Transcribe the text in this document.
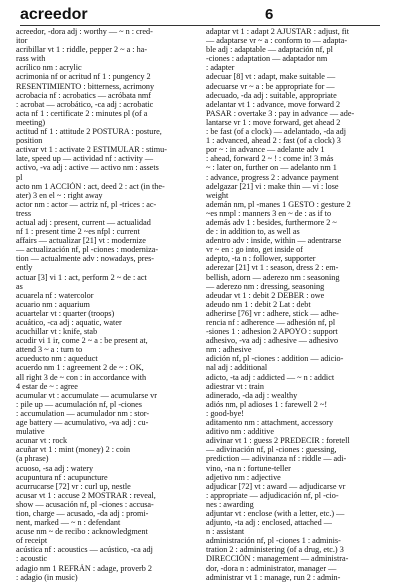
acreedor	6
acreedor, -dora adj : worthy — ~ n : cred-
itor
acribillar vt 1 : riddle, pepper 2 ~ a : ha-
rass with
acrílico nm : acrylic
acrimonia nf or acritud nf 1 : pungency 2
RESENTIMIENTO : bitterness, acrimony
acrobacia nf : acrobatics — acróbata nmf
: acrobat — acrobático, -ca adj : acrobatic
acta nf 1 : certificate 2 : minutes pl (of a
meeting)
actitud nf 1 : attitude 2 POSTURA : posture,
position
activar vt 1 : activate 2 ESTIMULAR : stimu-
late, speed up — actividad nf : activity —
activo, -va adj : active — activo nm : assets
pl
acto nm 1 ACCIÓN : act, deed 2 : act (in the-
ater) 3 en el ~ : right away
actor nm : actor — actriz nf, pl -trices : ac-
tress
actual adj : present, current — actualidad
nf 1 : present time 2 ~es nfpl : current
affairs — actualizar [21] vt : modernize
— actualización nf, pl -ciones : moderniza-
tion — actualmente adv : nowadays, pres-
ently
actuar [3] vi 1 : act, perform 2 ~ de : act
as
acuarela nf : watercolor
acuario nm : aquarium
acuartelar vt : quarter (troops)
acuático, -ca adj : aquatic, water
acuchillar vt : knife, stab
acudir vi 1 ir, come 2 ~ a : be present at,
attend 3 ~ a : turn to
acueducto nm : aqueduct
acuerdo nm 1 : agreement 2 de ~ : OK,
all right 3 de ~ con : in accordance with
4 estar de ~ : agree
acumular vt : accumulate — acumularse vr
: pile up — acumulación nf, pl -ciones
: accumulation — acumulador nm : stor-
age battery — acumulativo, -va adj : cu-
mulative
acunar vt : rock
acuñar vt 1 : mint (money) 2 : coin
(a phrase)
acuoso, -sa adj : watery
acupuntura nf : acupuncture
acurrucarse [72] vr : curl up, nestle
acusar vt 1 : accuse 2 MOSTRAR : reveal,
show — acusación nf, pl -ciones : accusa-
tion, charge — acusado, -da adj : promi-
nent, marked — ~ n : defendant
acuse nm ~ de recibo : acknowledgment
of receipt
acústica nf : acoustics — acústico, -ca adj
: acoustic
adagio nm 1 REFRÁN : adage, proverb 2
: adagio (in music)
adaptar vt 1 : adapt 2 AJUSTAR : adjust, fit
— adaptarse vr ~ a : conform to — adapta-
ble adj : adaptable — adaptación nf, pl
-ciones : adaptation — adaptador nm
: adapter
adecuar [8] vt : adapt, make suitable —
adecuarse vr ~ a : be appropriate for —
adecuado, -da adj : suitable, appropriate
adelantar vt 1 : advance, move forward 2
PASAR : overtake 3 : pay in advance — ade-
lantarse vr 1 : move forward, get ahead 2
: be fast (of a clock) — adelantado, -da adj
1 : advanced, ahead 2 : fast (of a clock) 3
por ~ : in advance — adelante adv 1
: ahead, forward 2 ~ ! : come in! 3 más
~ : later on, further on — adelanto nm 1
: advance, progress 2 : advance payment
adelgazar [21] vi : make thin — vi : lose
weight
ademán nm, pl -manes 1 GESTO : gesture 2
~es nmpl : manners 3 en ~ de : as if to
además adv 1 : besides, furthermore 2 ~
de : in addition to, as well as
adentro adv : inside, within — adentrarse
vr ~ en : go into, get inside of
adepto, -ta n : follower, supporter
aderezar [21] vt 1 : season, dress 2 : em-
bellish, adorn — aderezo nm : seasoning
— aderezo nm : dressing, seasoning
adeudar vt 1 : debit 2 DEBER : owe
adeudo nm 1 : debit 2 Lat : debt
adherirse [76] vr : adhere, stick — adhe-
rencia nf : adherence — adhesión nf, pl
-siones 1 : adhesion 2 APOYO : support
adhesivo, -va adj : adhesive — adhesivo
nm : adhesive
adición nf, pl -ciones : addition — adicio-
nal adj : additional
adicto, -ta adj : addicted — ~ n : addict
adiestrar vt : train
adinerado, -da adj : wealthy
adiós nm, pl adioses 1 : farewell 2 ~!
: good-bye!
aditamento nm : attachment, accessory
aditivo nm : additive
adivinar vt 1 : guess 2 PREDECIR : foretell
— adivinación nf, pl -ciones : guessing,
prediction — adivinanza nf : riddle — adi-
vino, -na n : fortune-teller
adjetivo nm : adjective
adjudicar [72] vt : award — adjudicarse vr
: appropriate — adjudicación nf, pl -cio-
nes : awarding
adjuntar vt : enclose (with a letter, etc.) —
adjunto, -ta adj : enclosed, attached —
n : assistant
administración nf, pl -ciones 1 : adminis-
tration 2 : administering (of a drug, etc.) 3
DIRECCIÓN : management — administra-
dor, -dora n : administrator, manager —
administrar vt 1 : manage, run 2 : admin-
